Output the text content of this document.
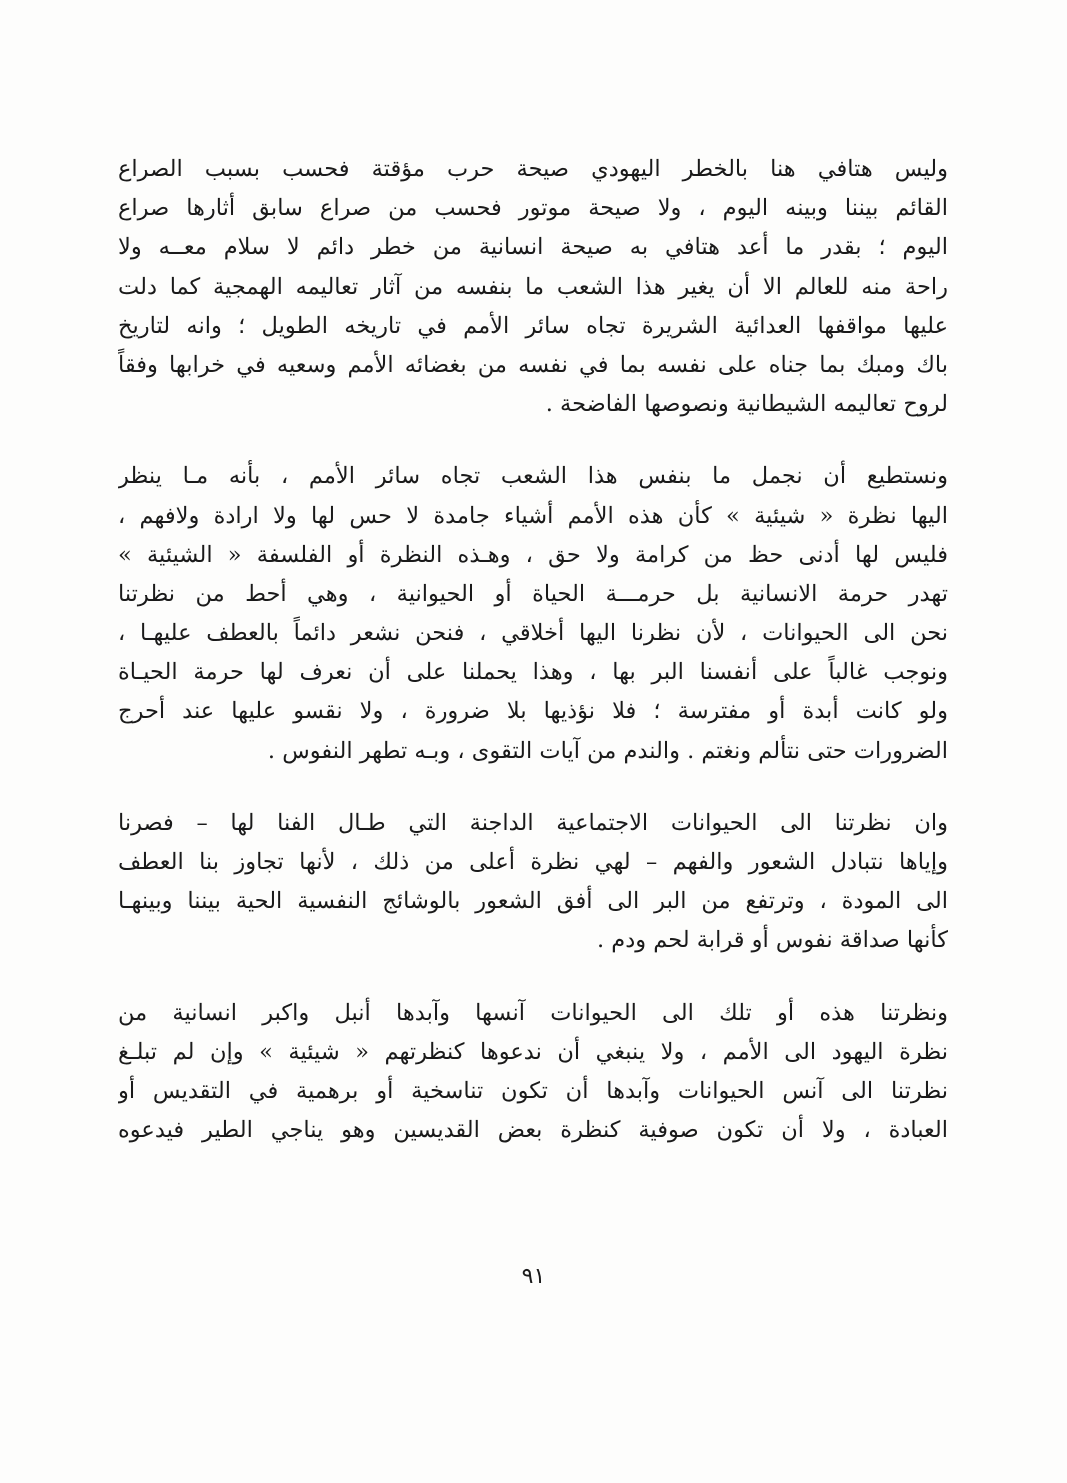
وليس هتافي هنا بالخطر اليهودي صيحة حرب مؤقتة فحسب بسبب الصراع
القائم بيننا وبينه اليوم ، ولا صيحة موتور فحسب من صراع سابق أثارها صراع
اليوم ؛ بقدر ما أعد هتافي به صيحة انسانية من خطر دائم لا سلام معــه ولا
راحة منه للعالم الا أن يغير هذا الشعب ما بنفسه من آثار تعاليمه الهمجية كما دلت
عليها مواقفها العدائية الشريرة تجاه سائر الأمم في تاريخه الطويل ؛ وانه لتاريخ
باك ومبك بما جناه على نفسه بما في نفسه من بغضائه الأمم وسعيه في خرابها وفقاً
لروح تعاليمه الشيطانية ونصوصها الفاضحة .
ونستطيع أن نجمل ما بنفس هذا الشعب تجاه سائر الأمم ، بأنه مـا ينظر
اليها نظرة « شيئية » كأن هذه الأمم أشياء جامدة لا حس لها ولا ارادة ولافهم ،
فليس لها أدنى حظ من كرامة ولا حق ، وهـذه النظرة أو الفلسفة « الشيئية »
تهدر حرمة الانسانية بل حرمـــة الحياة أو الحيوانية ، وهي أحط من نظرتنا
نحن الى الحيوانات ، لأن نظرنا اليها أخلاقي ، فنحن نشعر دائماً بالعطف عليهـا ،
ونوجب غالباً على أنفسنا البر بها ، وهذا يحملنا على أن نعرف لها حرمة الحيـاة
ولو كانت أبدة أو مفترسة ؛ فلا نؤذيها بلا ضرورة ، ولا نقسو عليها عند أحرج
الضرورات حتى نتألم ونغتم . والندم من آيات التقوى ، وبـه تطهر النفوس .
وان نظرتنا الى الحيوانات الاجتماعية الداجنة التي طـال الفنا لها – فصرنا
وإياها نتبادل الشعور والفهم – لهي نظرة أعلى من ذلك ، لأنها تجاوز بنا العطف
الى المودة ، وترتفع من البر الى أفق الشعور بالوشائج النفسية الحية بيننا وبينهـا
كأنها صداقة نفوس أو قرابة لحم ودم .
ونظرتنا هذه أو تلك الى الحيوانات آنسها وآبدها أنبل واكبر انسانية من
نظرة اليهود الى الأمم ، ولا ينبغي أن ندعوها كنظرتهم « شيئية » وإن لم تبلـغ
نظرتنا الى آنس الحيوانات وآبدها أن تكون تناسخية أو برهمية في التقديس أو
العبادة ، ولا أن تكون صوفية كنظرة بعض القديسين وهو يناجي الطير فيدعوه
٩١
